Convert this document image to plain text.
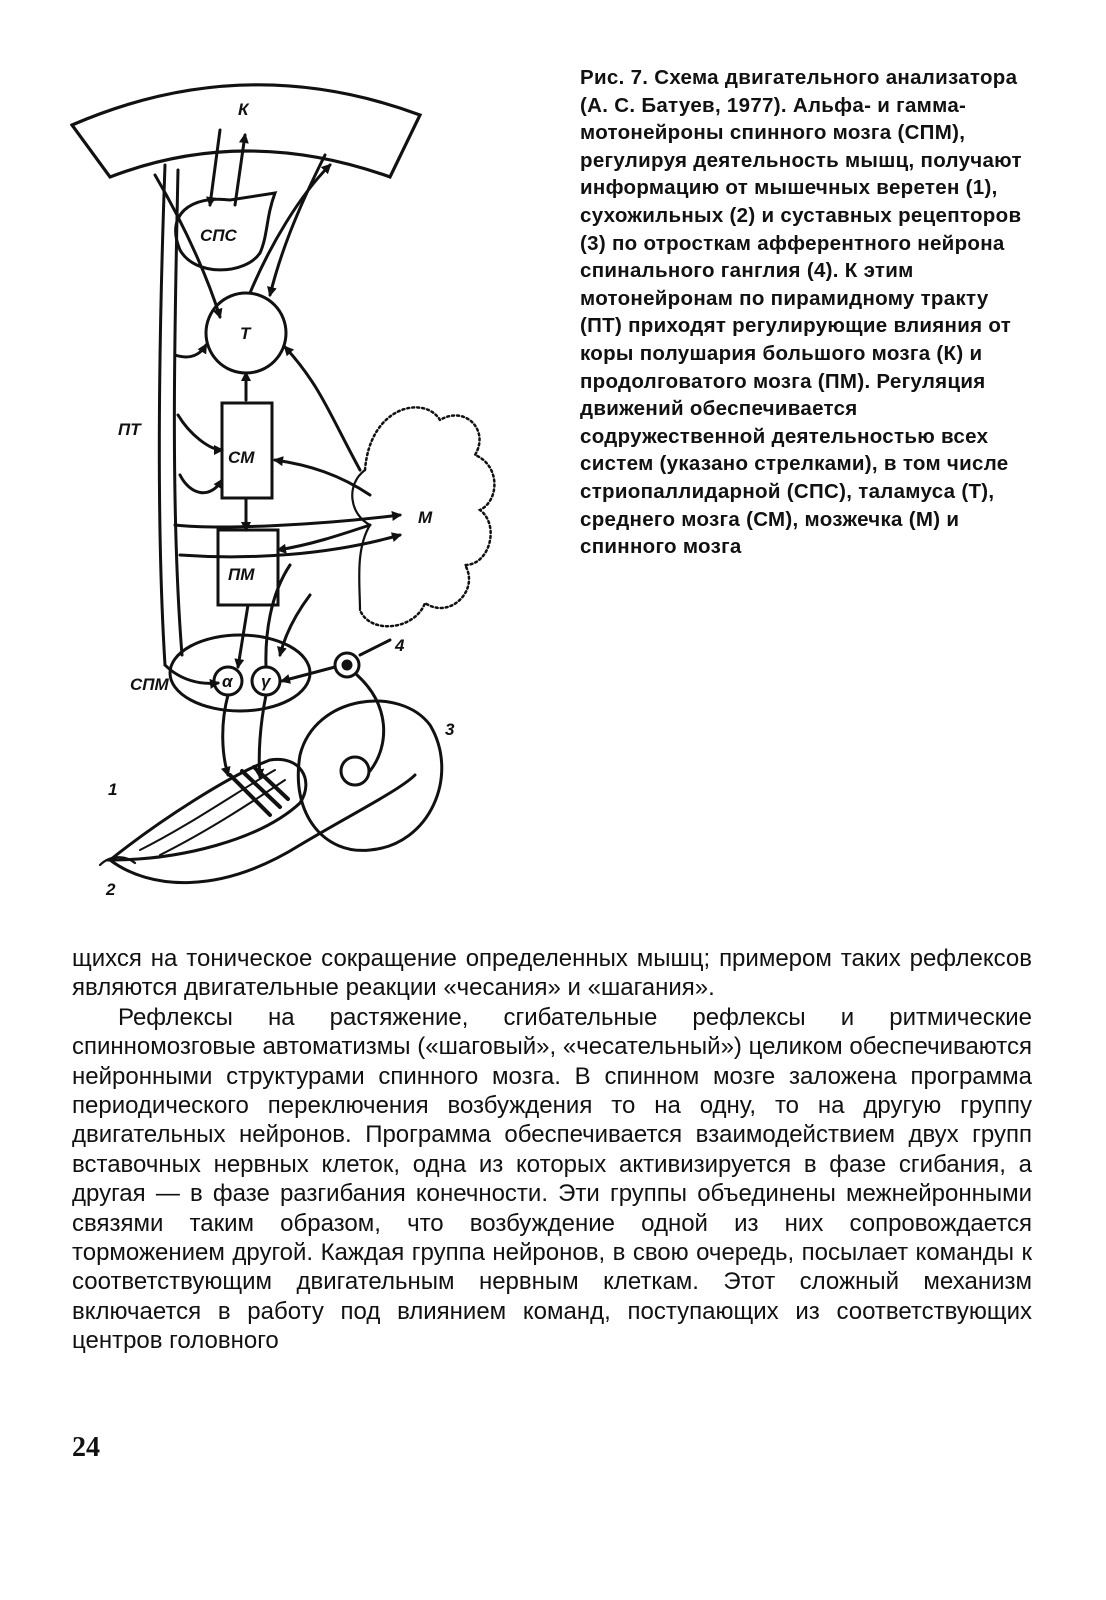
К
СПС
Т
ПТ
СМ
ПМ
М
СПМ	α γ
1
2
3
4
Рис. 7. Схема двигательного анализатора (А. С. Батуев, 1977). Альфа- и гамма-мотонейроны спинного мозга (СПМ), регулируя деятельность мышц, получают информацию от мышечных веретен (1), сухожильных (2) и суставных рецепторов (3) по отросткам афферентного нейрона спинального ганглия (4). К этим мотонейронам по пирамидному тракту (ПТ) приходят регулирующие влияния от коры полушария большого мозга (К) и продолговатого мозга (ПМ). Регуляция движений обеспечивается содружественной деятельностью всех систем (указано стрелками), в том числе стриопаллидарной (СПС), таламуса (Т), среднего мозга (СМ), мозжечка (М) и спинного мозга

щихся на тоническое сокращение определенных мышц; примером таких рефлексов являются двигательные реакции «чесания» и «шагания».

Рефлексы на растяжение, сгибательные рефлексы и ритмические спинномозговые автоматизмы («шаговый», «чесательный») целиком обеспечиваются нейронными структурами спинного мозга. В спинном мозге заложена программа периодического переключения возбуждения то на одну, то на другую группу двигательных нейронов. Программа обеспечивается взаимодействием двух групп вставочных нервных клеток, одна из которых активизируется в фазе сгибания, а другая — в фазе разгибания конечности. Эти группы объединены межнейронными связями таким образом, что возбуждение одной из них сопровождается торможением другой. Каждая группа нейронов, в свою очередь, посылает команды к соответствующим двигательным нервным клеткам. Этот сложный механизм включается в работу под влиянием команд, поступающих из соответствующих центров головного

24
